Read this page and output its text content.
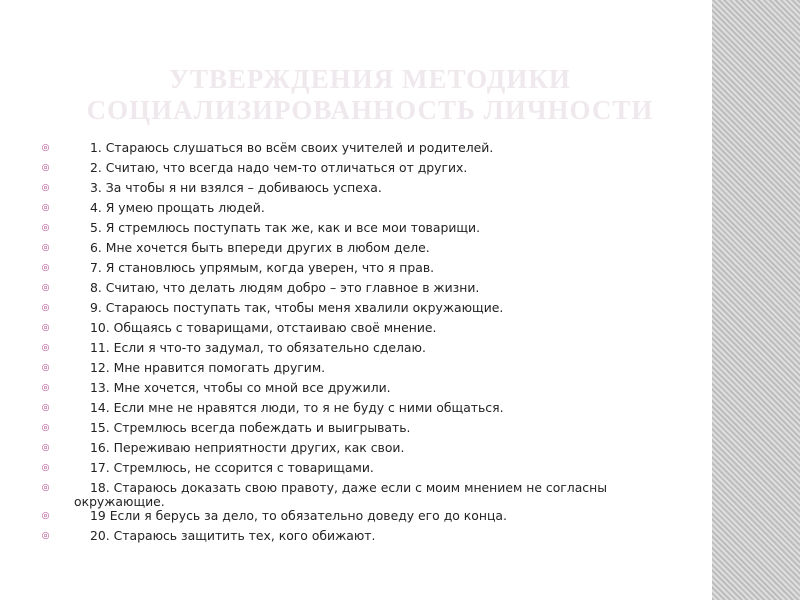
УТВЕРЖДЕНИЯ МЕТОДИКИ
СОЦИАЛИЗИРОВАННОСТЬ ЛИЧНОСТИ
◎	1. Стараюсь слушаться во всём своих учителей и родителей.
◎	2. Считаю, что всегда надо чем-то отличаться от других.
◎	3. За чтобы я ни взялся – добиваюсь успеха.
◎	4. Я умею прощать людей.
◎	5. Я стремлюсь поступать так же, как и все мои товарищи.
◎	6. Мне хочется быть впереди других в любом деле.
◎	7. Я становлюсь упрямым, когда уверен, что я прав.
◎	8. Считаю, что делать людям добро – это главное в жизни.
◎	9. Стараюсь поступать так, чтобы меня хвалили окружающие.
◎	10. Общаясь с товарищами, отстаиваю своё мнение.
◎	11. Если я что-то задумал, то обязательно сделаю.
◎	12. Мне нравится помогать другим.
◎	13. Мне хочется, чтобы со мной все дружили.
◎	14. Если мне не нравятся люди, то я не буду с ними общаться.
◎	15. Стремлюсь всегда побеждать и выигрывать.
◎	16. Переживаю неприятности других, как свои.
◎	17. Стремлюсь, не ссорится с товарищами.
◎	18. Стараюсь доказать свою правоту, даже если с моим мнением не согласны окружающие.
◎	19 Если я берусь за дело, то обязательно доведу его до конца.
◎	20. Стараюсь защитить тех, кого обижают.
